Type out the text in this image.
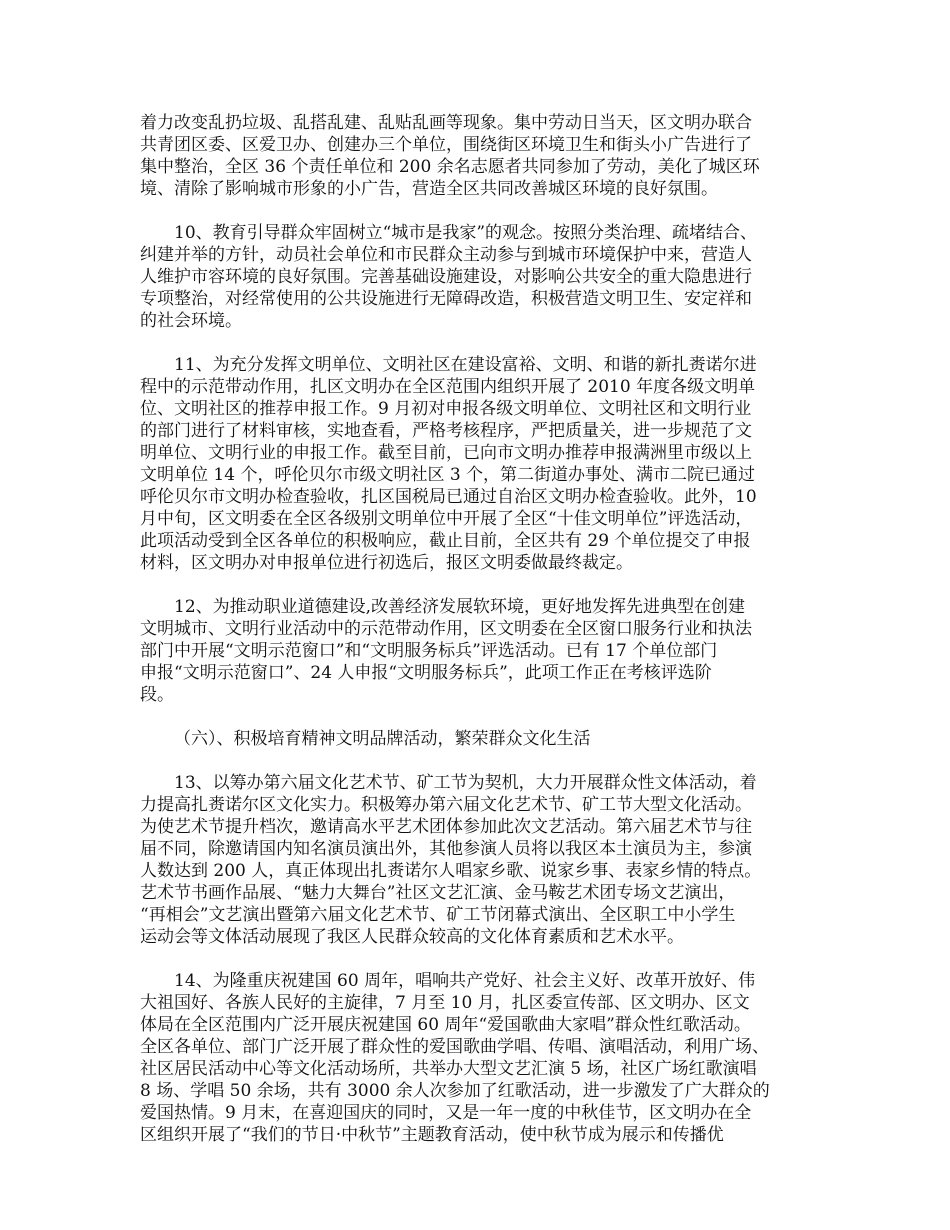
着力改变乱扔垃圾、乱搭乱建、乱贴乱画等现象。集中劳动日当天，区文明办联合
共青团区委、区爱卫办、创建办三个单位，围绕街区环境卫生和街头小广告进行了
集中整治，全区 36 个责任单位和 200 余名志愿者共同参加了劳动，美化了城区环
境、清除了影响城市形象的小广告，营造全区共同改善城区环境的良好氛围。
10、教育引导群众牢固树立“城市是我家”的观念。按照分类治理、疏堵结合、
纠建并举的方针，动员社会单位和市民群众主动参与到城市环境保护中来，营造人
人维护市容环境的良好氛围。完善基础设施建设，对影响公共安全的重大隐患进行
专项整治，对经常使用的公共设施进行无障碍改造，积极营造文明卫生、安定祥和
的社会环境。
11、为充分发挥文明单位、文明社区在建设富裕、文明、和谐的新扎赉诺尔进
程中的示范带动作用，扎区文明办在全区范围内组织开展了 2010 年度各级文明单
位、文明社区的推荐申报工作。9 月初对申报各级文明单位、文明社区和文明行业
的部门进行了材料审核，实地查看，严格考核程序，严把质量关，进一步规范了文
明单位、文明行业的申报工作。截至目前，已向市文明办推荐申报满洲里市级以上
文明单位 14 个，呼伦贝尔市级文明社区 3 个，第二街道办事处、满市二院已通过
呼伦贝尔市文明办检查验收，扎区国税局已通过自治区文明办检查验收。此外，10
月中旬，区文明委在全区各级别文明单位中开展了全区“十佳文明单位”评选活动，
此项活动受到全区各单位的积极响应，截止目前，全区共有 29 个单位提交了申报
材料，区文明办对申报单位进行初选后，报区文明委做最终裁定。
12、为推动职业道德建设,改善经济发展软环境，更好地发挥先进典型在创建
文明城市、文明行业活动中的示范带动作用，区文明委在全区窗口服务行业和执法
部门中开展“文明示范窗口”和“文明服务标兵”评选活动。已有 17 个单位部门
申报“文明示范窗口”、24 人申报“文明服务标兵”，此项工作正在考核评选阶
段。
（六）、积极培育精神文明品牌活动，繁荣群众文化生活
13、以筹办第六届文化艺术节、矿工节为契机，大力开展群众性文体活动，着
力提高扎赉诺尔区文化实力。积极筹办第六届文化艺术节、矿工节大型文化活动。
为使艺术节提升档次，邀请高水平艺术团体参加此次文艺活动。第六届艺术节与往
届不同，除邀请国内知名演员演出外，其他参演人员将以我区本土演员为主，参演
人数达到 200 人，真正体现出扎赉诺尔人唱家乡歌、说家乡事、表家乡情的特点。
艺术节书画作品展、“魅力大舞台”社区文艺汇演、金马鞍艺术团专场文艺演出，
“再相会”文艺演出暨第六届文化艺术节、矿工节闭幕式演出、全区职工中小学生
运动会等文体活动展现了我区人民群众较高的文化体育素质和艺术水平。
14、为隆重庆祝建国 60 周年，唱响共产党好、社会主义好、改革开放好、伟
大祖国好、各族人民好的主旋律，7 月至 10 月，扎区委宣传部、区文明办、区文
体局在全区范围内广泛开展庆祝建国 60 周年“爱国歌曲大家唱”群众性红歌活动。
全区各单位、部门广泛开展了群众性的爱国歌曲学唱、传唱、演唱活动，利用广场、
社区居民活动中心等文化活动场所，共举办大型文艺汇演 5 场，社区广场红歌演唱
8 场、学唱 50 余场，共有 3000 余人次参加了红歌活动，进一步激发了广大群众的
爱国热情。9 月末，在喜迎国庆的同时，又是一年一度的中秋佳节，区文明办在全
区组织开展了“我们的节日·中秋节”主题教育活动，使中秋节成为展示和传播优
